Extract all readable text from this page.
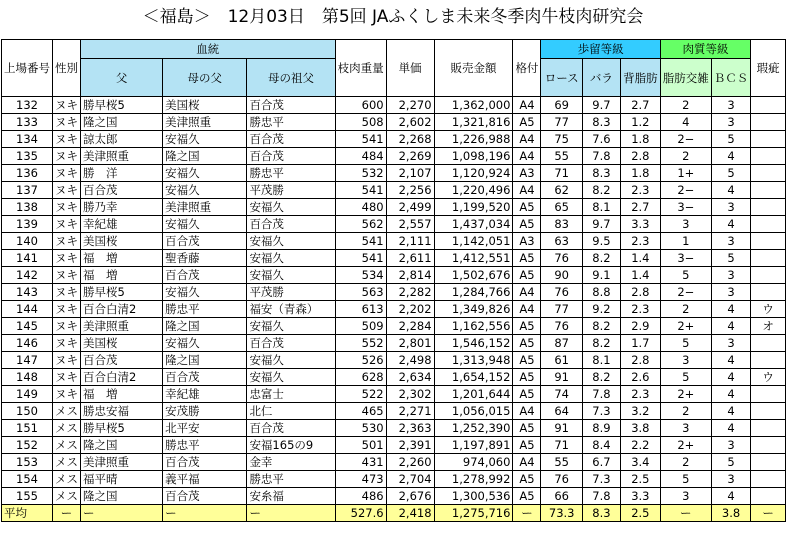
＜福島＞　12月03日　第5回 JAふくしま未来冬季肉牛枝肉研究会
上場番号	性別	血統			枝肉重量	単価	販売金額	格付	歩留等級			肉質等級		瑕疵
		父	母の父	母の祖父					ロース	バラ	背脂肪	脂肪交雑	ＢＣＳ	
132	ヌキ	勝早桜5	美国桜	百合茂	600	2,270	1,362,000	A4	69	9.7	2.7	2	3	
133	ヌキ	隆之国	美津照重	勝忠平	508	2,602	1,321,816	A5	77	8.3	1.2	4	3	
134	ヌキ	諒太郎	安福久	百合茂	541	2,268	1,226,988	A4	75	7.6	1.8	2−	5	
135	ヌキ	美津照重	隆之国	百合茂	484	2,269	1,098,196	A4	55	7.8	2.8	2	4	
136	ヌキ	勝　洋	安福久	勝忠平	532	2,107	1,120,924	A3	71	8.3	1.8	1+	5	
137	ヌキ	百合茂	安福久	平茂勝	541	2,256	1,220,496	A4	62	8.2	2.3	2−	4	
138	ヌキ	勝乃幸	美津照重	安福久	480	2,499	1,199,520	A5	65	8.1	2.7	3−	3	
139	ヌキ	幸紀雄	安福久	百合茂	562	2,557	1,437,034	A5	83	9.7	3.3	3	4	
140	ヌキ	美国桜	百合茂	安福久	541	2,111	1,142,051	A3	63	9.5	2.3	1	3	
141	ヌキ	福　増	聖香藤	安福久	541	2,611	1,412,551	A5	76	8.2	1.4	3−	5	
142	ヌキ	福　増	百合茂	安福久	534	2,814	1,502,676	A5	90	9.1	1.4	5	3	
143	ヌキ	勝早桜5	安福久	平茂勝	563	2,282	1,284,766	A4	76	8.8	2.8	2−	3	
144	ヌキ	百合白清2	勝忠平	福安（青森）	613	2,202	1,349,826	A4	77	9.2	2.3	2	4	ウ
145	ヌキ	美津照重	隆之国	安福久	509	2,284	1,162,556	A5	76	8.2	2.9	2+	4	オ
146	ヌキ	美国桜	安福久	百合茂	552	2,801	1,546,152	A5	87	8.2	1.7	5	3	
147	ヌキ	百合茂	隆之国	安福久	526	2,498	1,313,948	A5	61	8.1	2.8	3	4	
148	ヌキ	百合白清2	百合茂	安福久	628	2,634	1,654,152	A5	91	8.2	2.6	5	4	ウ
149	ヌキ	福　増	幸紀雄	忠富士	522	2,302	1,201,644	A5	74	7.8	2.3	2+	4	
150	メス	勝忠安福	安茂勝	北仁	465	2,271	1,056,015	A4	64	7.3	3.2	2	4	
151	メス	勝早桜5	北平安	百合茂	530	2,363	1,252,390	A5	91	8.9	3.8	3	4	
152	メス	隆之国	勝忠平	安福165の9	501	2,391	1,197,891	A5	71	8.4	2.2	2+	3	
153	メス	美津照重	百合茂	金幸	431	2,260	974,060	A4	55	6.7	3.4	2	5	
154	メス	福平晴	義平福	勝忠平	473	2,704	1,278,992	A5	76	7.3	2.5	5	3	
155	メス	隆之国	百合茂	安糸福	486	2,676	1,300,536	A5	66	7.8	3.3	3	4	
平均	ー	ー	ー	ー	527.6	2,418	1,275,716	ー	73.3	8.3	2.5	ー	3.8	ー
